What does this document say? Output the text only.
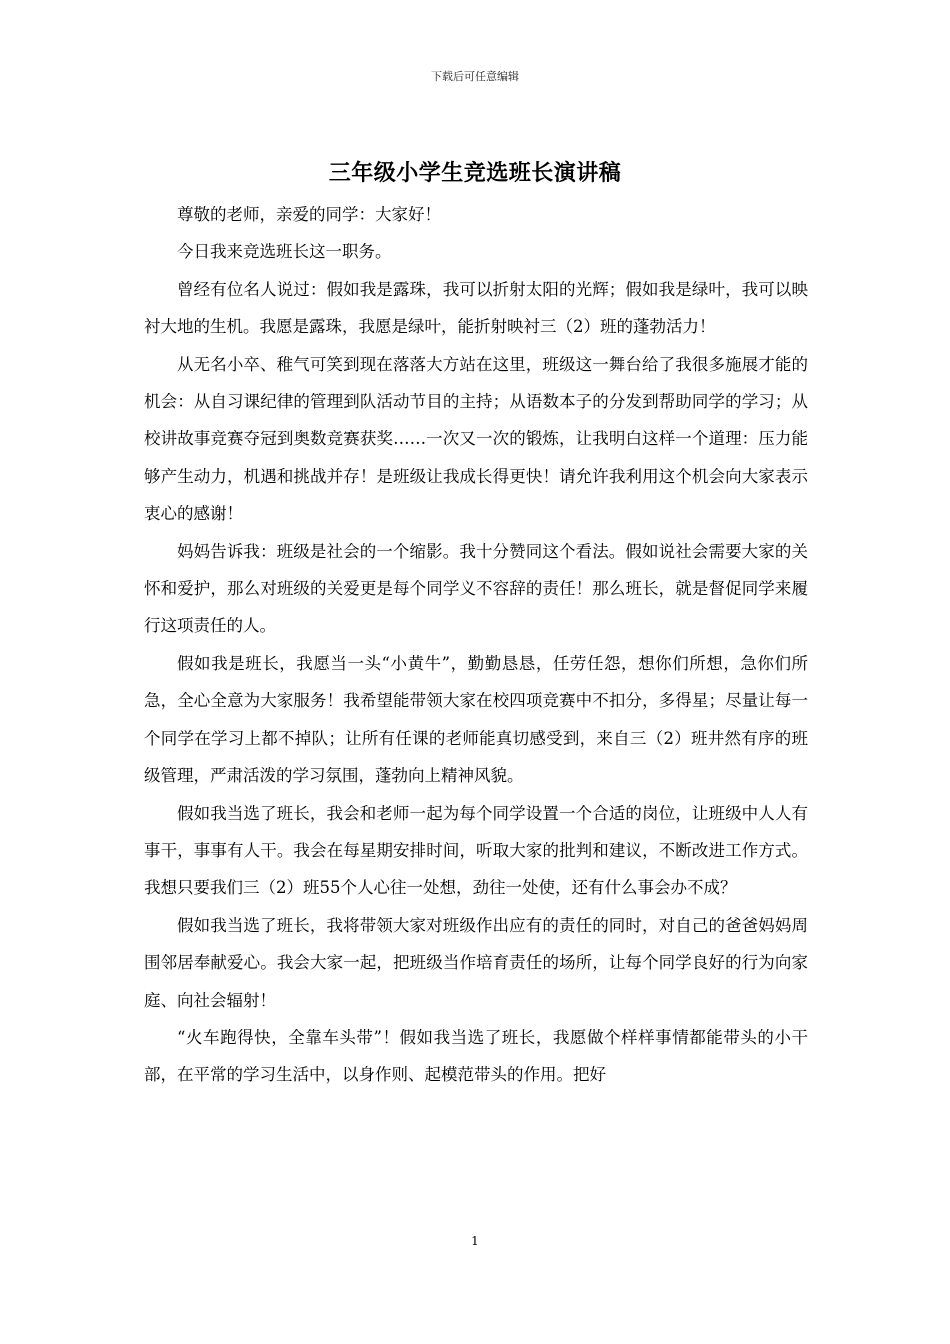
下载后可任意编辑
三年级小学生竞选班长演讲稿

尊敬的老师，亲爱的同学：大家好！

今日我来竞选班长这一职务。

曾经有位名人说过：假如我是露珠，我可以折射太阳的光辉；假如我是绿叶，我可以映衬大地的生机。我愿是露珠，我愿是绿叶，能折射映衬三（2）班的蓬勃活力！

从无名小卒、稚气可笑到现在落落大方站在这里，班级这一舞台给了我很多施展才能的机会：从自习课纪律的管理到队活动节目的主持；从语数本子的分发到帮助同学的学习；从校讲故事竞赛夺冠到奥数竞赛获奖……一次又一次的锻炼，让我明白这样一个道理：压力能够产生动力，机遇和挑战并存！是班级让我成长得更快！请允许我利用这个机会向大家表示衷心的感谢！

妈妈告诉我：班级是社会的一个缩影。我十分赞同这个看法。假如说社会需要大家的关怀和爱护，那么对班级的关爱更是每个同学义不容辞的责任！那么班长，就是督促同学来履行这项责任的人。

假如我是班长，我愿当一头“小黄牛”，勤勤恳恳，任劳任怨，想你们所想，急你们所急，全心全意为大家服务！我希望能带领大家在校四项竞赛中不扣分，多得星；尽量让每一个同学在学习上都不掉队；让所有任课的老师能真切感受到，来自三（2）班井然有序的班级管理，严肃活泼的学习氛围，蓬勃向上精神风貌。

假如我当选了班长，我会和老师一起为每个同学设置一个合适的岗位，让班级中人人有事干，事事有人干。我会在每星期安排时间，听取大家的批判和建议，不断改进工作方式。我想只要我们三（2）班55个人心往一处想，劲往一处使，还有什么事会办不成？

假如我当选了班长，我将带领大家对班级作出应有的责任的同时，对自己的爸爸妈妈周围邻居奉献爱心。我会大家一起，把班级当作培育责任的场所，让每个同学良好的行为向家庭、向社会辐射！

“火车跑得快，全靠车头带”！假如我当选了班长，我愿做个样样事情都能带头的小干部，在平常的学习生活中，以身作则、起模范带头的作用。把好

1
